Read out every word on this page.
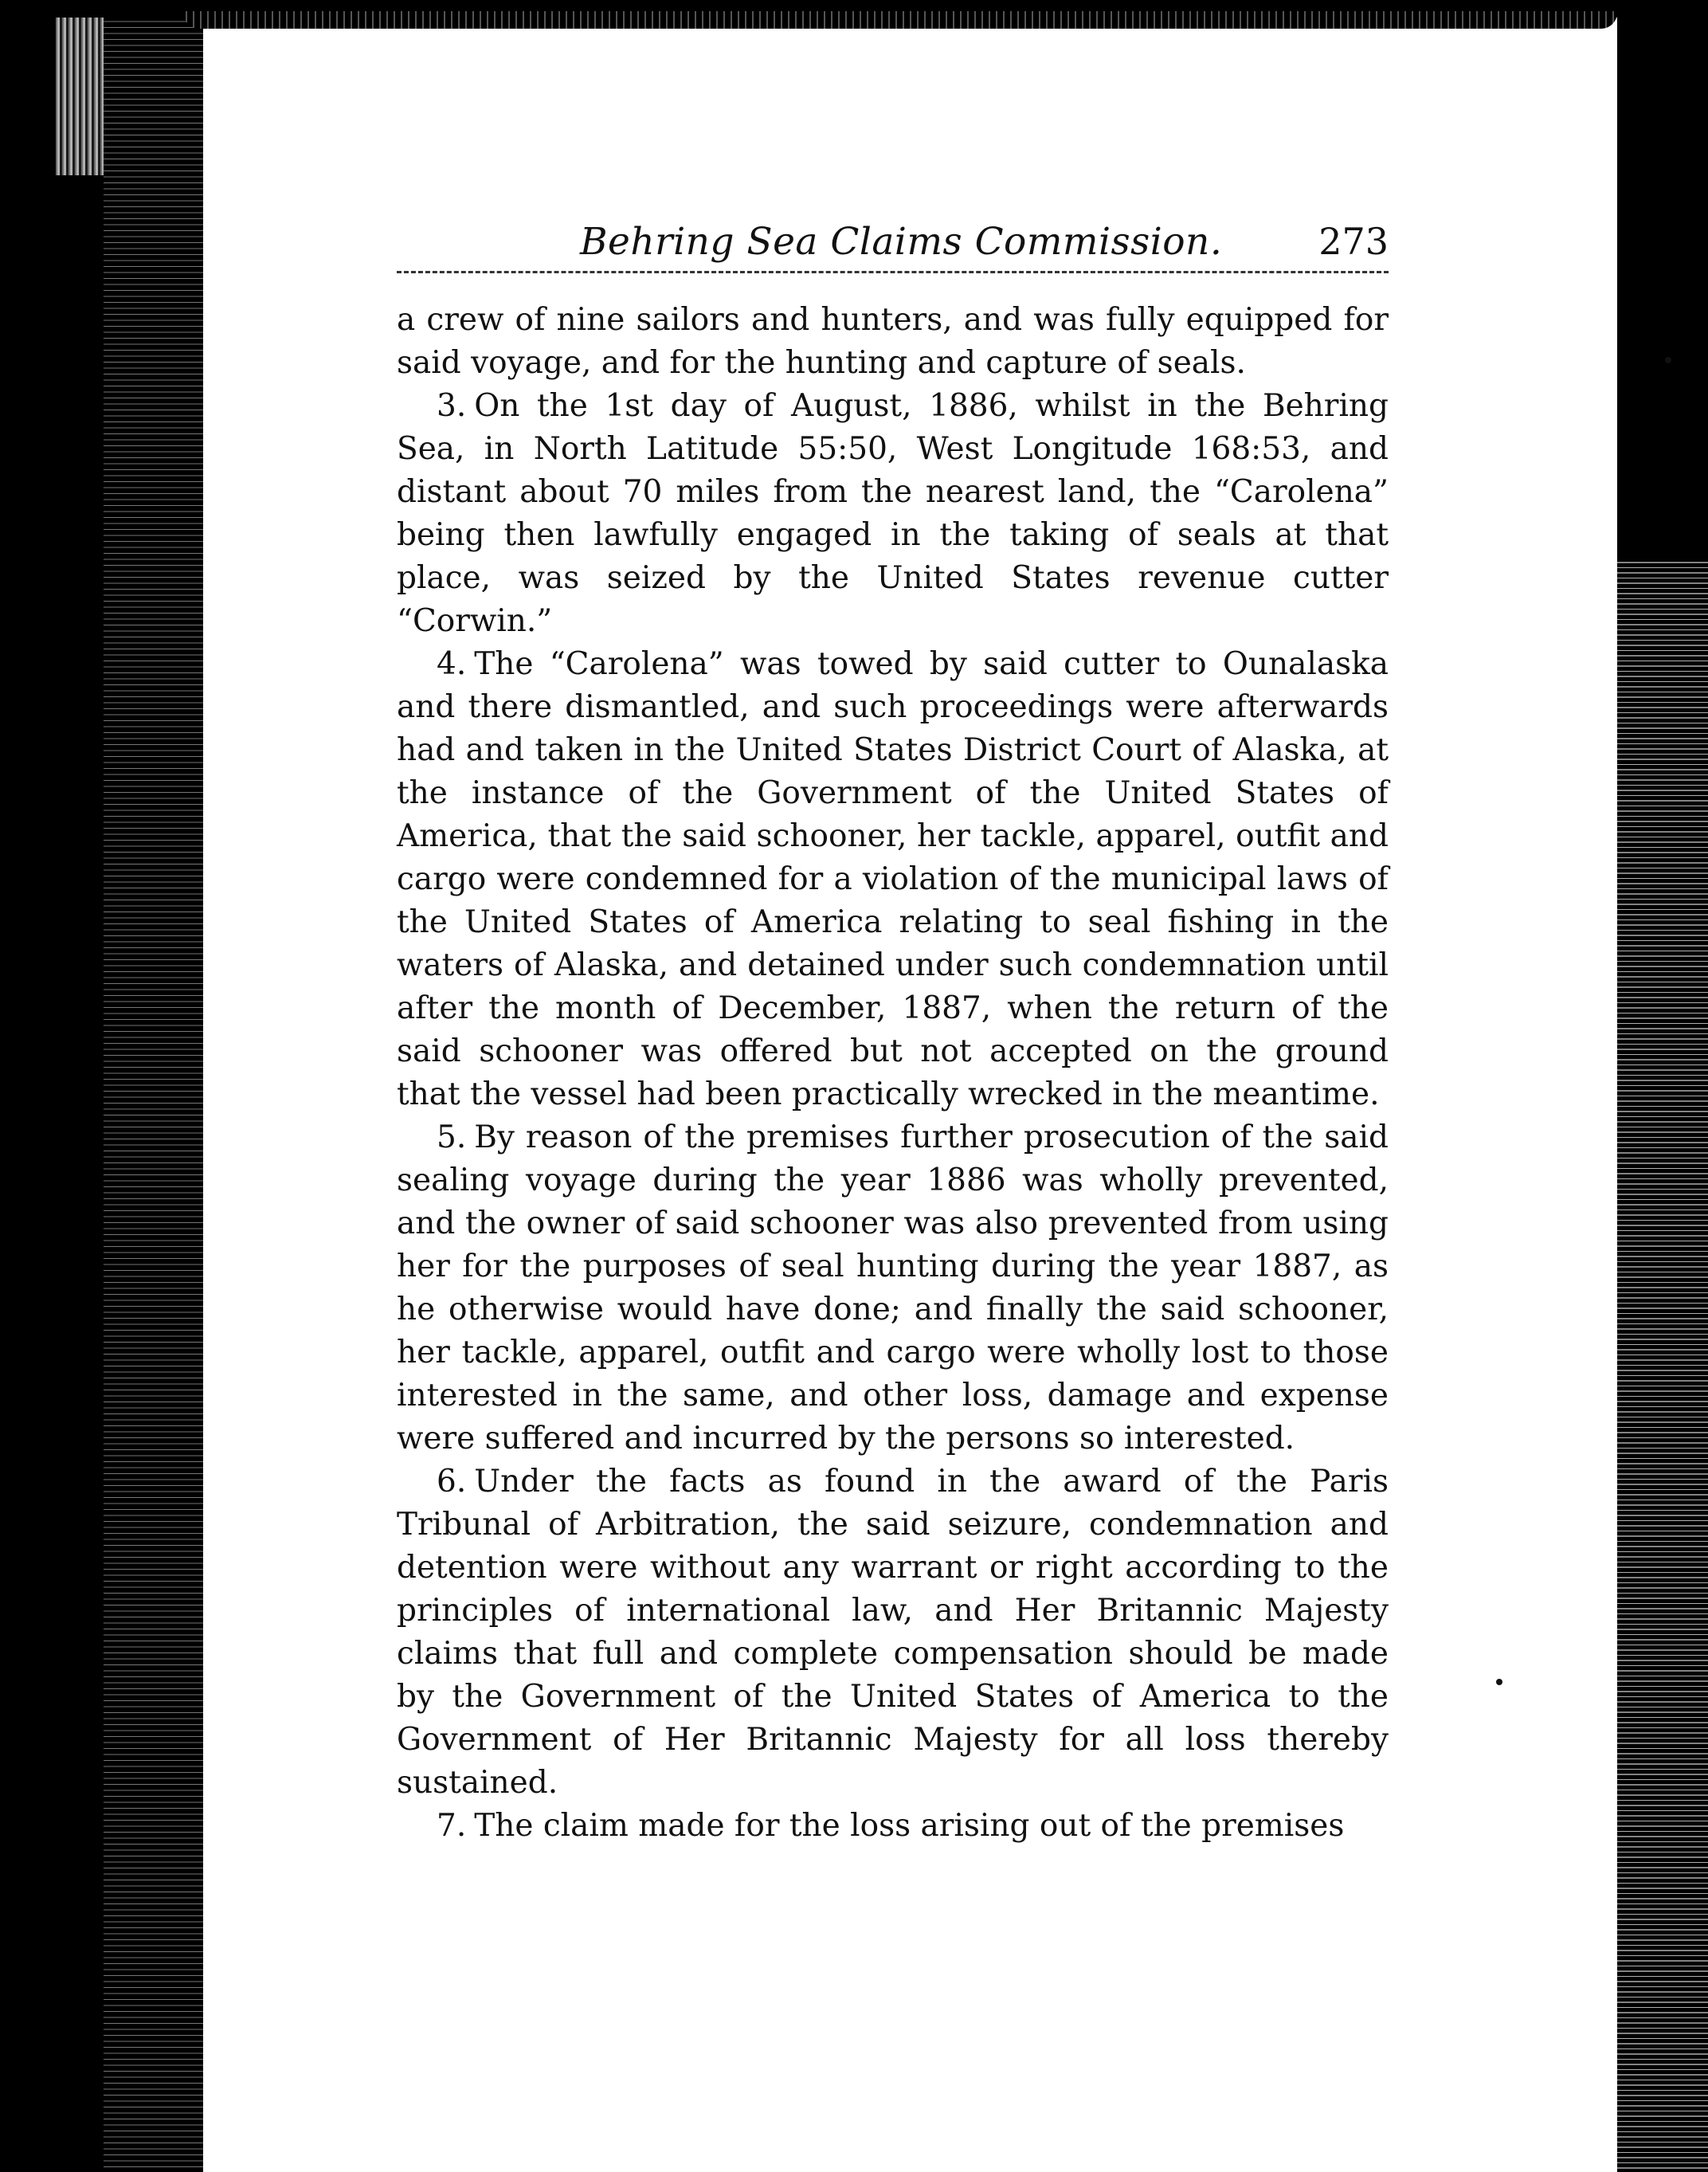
Behring Sea Claims Commission.	273

a crew of nine sailors and hunters, and was fully equipped for said voyage, and for the hunting and capture of seals.

3. On the 1st day of August, 1886, whilst in the Behring Sea, in North Latitude 55:50, West Longitude 168:53, and distant about 70 miles from the nearest land, the “Carolena” being then lawfully engaged in the taking of seals at that place, was seized by the United States revenue cutter “Corwin.”

4. The “Carolena” was towed by said cutter to Ounalaska and there dismantled, and such proceedings were afterwards had and taken in the United States District Court of Alaska, at the instance of the Government of the United States of America, that the said schooner, her tackle, apparel, outfit and cargo were condemned for a violation of the municipal laws of the United States of America relating to seal fishing in the waters of Alaska, and detained under such condemnation until after the month of December, 1887, when the return of the said schooner was offered but not accepted on the ground that the vessel had been practically wrecked in the meantime.

5. By reason of the premises further prosecution of the said sealing voyage during the year 1886 was wholly prevented, and the owner of said schooner was also prevented from using her for the purposes of seal hunting during the year 1887, as he otherwise would have done; and finally the said schooner, her tackle, apparel, outfit and cargo were wholly lost to those interested in the same, and other loss, damage and expense were suffered and incurred by the persons so interested.

6. Under the facts as found in the award of the Paris Tribunal of Arbitration, the said seizure, condemnation and detention were without any warrant or right according to the principles of international law, and Her Britannic Majesty claims that full and complete compensation should be made by the Government of the United States of America to the Government of Her Britannic Majesty for all loss thereby sustained.

7. The claim made for the loss arising out of the premises
